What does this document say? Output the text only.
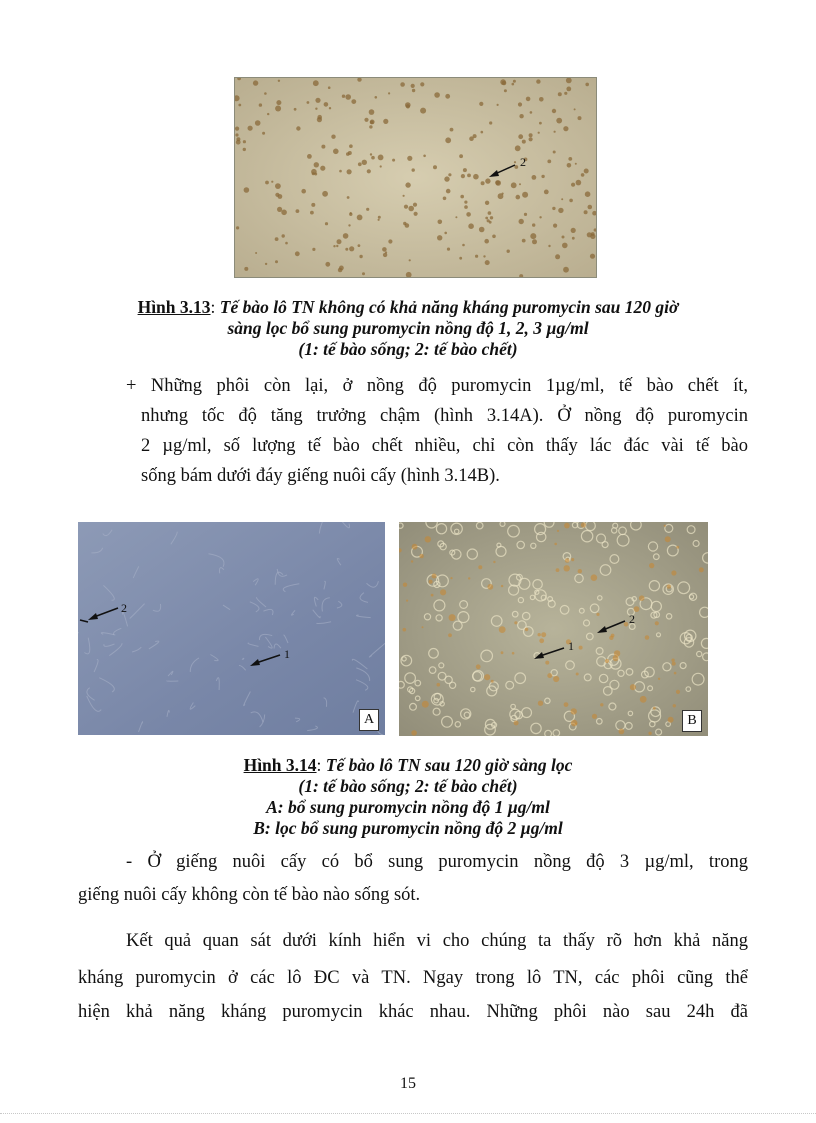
2
Hình 3.13: Tế bào lô TN không có khả năng kháng puromycin sau 120 giờ
sàng lọc bổ sung puromycin nồng độ 1, 2, 3 µg/ml
(1: tế bào sống; 2: tế bào chết)
+ Những phôi còn lại, ở nồng độ puromycin 1µg/ml, tế bào chết ít,
nhưng tốc độ tăng trưởng chậm (hình 3.14A). Ở nồng độ puromycin
2 µg/ml, số lượng tế bào chết nhiều, chỉ còn thấy lác đác vài tế bào
sống bám dưới đáy giếng nuôi cấy (hình 3.14B).
2
1
A
1
2
B
Hình 3.14: Tế bào lô TN sau 120 giờ sàng lọc
(1: tế bào sống; 2: tế bào chết)
A: bổ sung puromycin nồng độ 1 µg/ml
B: lọc bổ sung puromycin nồng độ 2 µg/ml
- Ở giếng nuôi cấy có bổ sung puromycin nồng độ 3 µg/ml, trong
giếng nuôi cấy không còn tế bào nào sống sót.
Kết quả quan sát dưới kính hiển vi cho chúng ta thấy rõ hơn khả năng
kháng puromycin ở các lô ĐC và TN. Ngay trong lô TN, các phôi cũng thể
hiện khả năng kháng puromycin khác nhau. Những phôi nào sau 24h đã
15
